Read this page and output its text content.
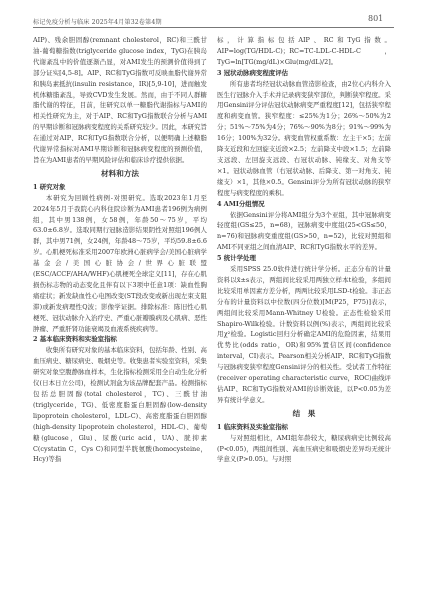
标记免疫分析与临床 2025年4月第32卷第4期	801

AIP)、残余胆固醇(remnant cholesterol，RC)和三酰甘油-葡萄糖指数(triglyceride glucose index，TyG)在胰岛代谢紊乱中的价值逐渐凸显，对AMI发生的预测价值得到了部分证实[4,5-8]。AIP、RC和TyG指数可反映血脂代谢异常和胰岛素抵抗(insulin resistance，IR)[5,9-10]，进而触发机体糖脂紊乱，导致CVD发生发展。然而，由于不同人群糖脂代谢的特征，目前，往研究以单一糖脂代谢指标与AMI的相关性研究为主，对于AIP、RC和TyG指数联合分析与AMI的早期诊断和冠脉病变程度的关系研究较少。因此，本研究旨在通过对AIP、RC和TyG指数联合分析，以便明确上述糖脂代谢异常指标对AMI早期诊断和冠脉病变程度的预测价值，旨在为AMI患者的早期风险评估和临床诊疗提供依据。

材料和方法
1 研究对象

本研究为回顾性病例-对照研究。选取2023年1月至2024年5月于我院心内科住院诊断为AMI患者196例为病例组，其中男138例，女58例，年龄50～75岁，平均63.0±6.8岁。选取同期行冠脉造影结果阴性对照组196例人群，其中男71例，女24例，年龄48～75岁，平均59.8±6.6岁。心肌梗死标准采用2007年欧洲心脏病学会/美国心脏病学基金会/美国心脏协会/世界心脏联盟(ESC/ACCF/AHA/WHF)心肌梗死全球定义[11]，存在心肌损伤标志物的动态变化且伴有以下3项中任意1项：缺血性胸痛症状；新发缺血性心电图改变(ST段改变或新出现左束支阻滞)或新发病理性Q波；影像学证据。排除标准：陈旧性心肌梗死、冠状动脉介入治疗史、严重心脏瓣膜病及心肌病、恶性肿瘤、严重肝肾功能衰竭及血液系统疾病等。

2 基本临床资料和实验室指标

收集所有研究对象的基本临床资料，包括年龄、性别、高血压病史、糖尿病史、吸烟史等。收集患者实验室资料，采集研究对象空腹静脉血样本，生化指标检测采用全自动生化分析仪(日本日立公司)，检测试剂盒为该品牌配套产品。检测指标包括总胆固醇(total cholesterol，TC)、三酰甘油(triglyceride，TG)、低密度脂蛋白胆固醇(low-density lipoprotein cholesterol，LDL-C)、高密度脂蛋白胆固醇(high-density lipoprotein cholesterol，HDL-C)、葡萄糖(glucose，Glu)、尿酸(uric acid，UA)、胱抑素C(cystatin C，Cys C)和同型半胱氨酸(homocysteine，Hcy)等指

标，计算指标包括AIP、RC和TyG指数。AIP=log(TG/HDL-C)；RC=TC-LDL-C-HDL-C，TyG=ln[TG(mg/dL)×Glu(mg/dL)/2]。

3 冠状动脉病变程度评估

所有患者均经冠状动脉血管造影检查，由2位心内科介入医生行冠脉介入手术并记录病变狭窄部位，判断狭窄程度。采用Gensini评分评估冠状动脉病变严重程度[12]，包括狭窄程度和病变血管。狭窄程度：≤25%为1分；26%～50%为2分；51%～75%为4分；76%～90%为8分；91%～99%为16分；100%为32分。病变血管权重系数：左主干×5；左前降支近段和左回旋支近段×2.5；左前降支中段×1.5；左前降支远段、左回旋支远段、右冠状动脉、钝缘支、对角支等×1。冠状动脉血管（右冠状动脉、后降支、第一对角支、钝缘支）×1，其他×0.5。Gensini评分为所有冠状动脉的狭窄程度与病变程度的乘积。

4 AMI分组情况

依据Gensini评分将AMI组分为3个亚组，其中冠脉病变轻度组(GS≤25，n=68)，冠脉病变中度组(25<GS≤50，n=76)和冠脉病变重度组(GS>50，n=52)，比较对照组和AMI不同亚组之间血清AIP、RC和TyG指数水平的差异。

5 统计学处理

采用SPSS 25.0软件进行统计学分析。正态分布的计量资料以x̄±s表示，两组间比较采用两独立样本t检验，多组间比较采用单因素方差分析，两两比较采用LSD-t检验。非正态分布的计量资料以中位数(四分位数)[M(P25，P75)]表示，两组间比较采用Mann-Whitney U检验。正态性检验采用Shapiro-Wilk检验。计数资料以例(%)表示，两组间比较采用χ²检验。Logistic回归分析确定AMI的危险因素，结果用优势比(odds ratio，OR)和95%置信区间(confidence interval，CI)表示。Pearson相关分析AIP、RC和TyG指数与冠脉病变狭窄程度Gensini评分的相关性。受试者工作特征(receiver operating characteristic curve，ROC)曲线评估AIP、RC和TyG指数对AMI的诊断效能，以P<0.05为差异有统计学意义。

结　果
1 临床资料及实验室指标

与对照组相比，AMI组年龄较大，糖尿病病史比例较高(P<0.05)，两组间性别、高血压病史和吸烟史差异均无统计学意义(P>0.05)。与对照
